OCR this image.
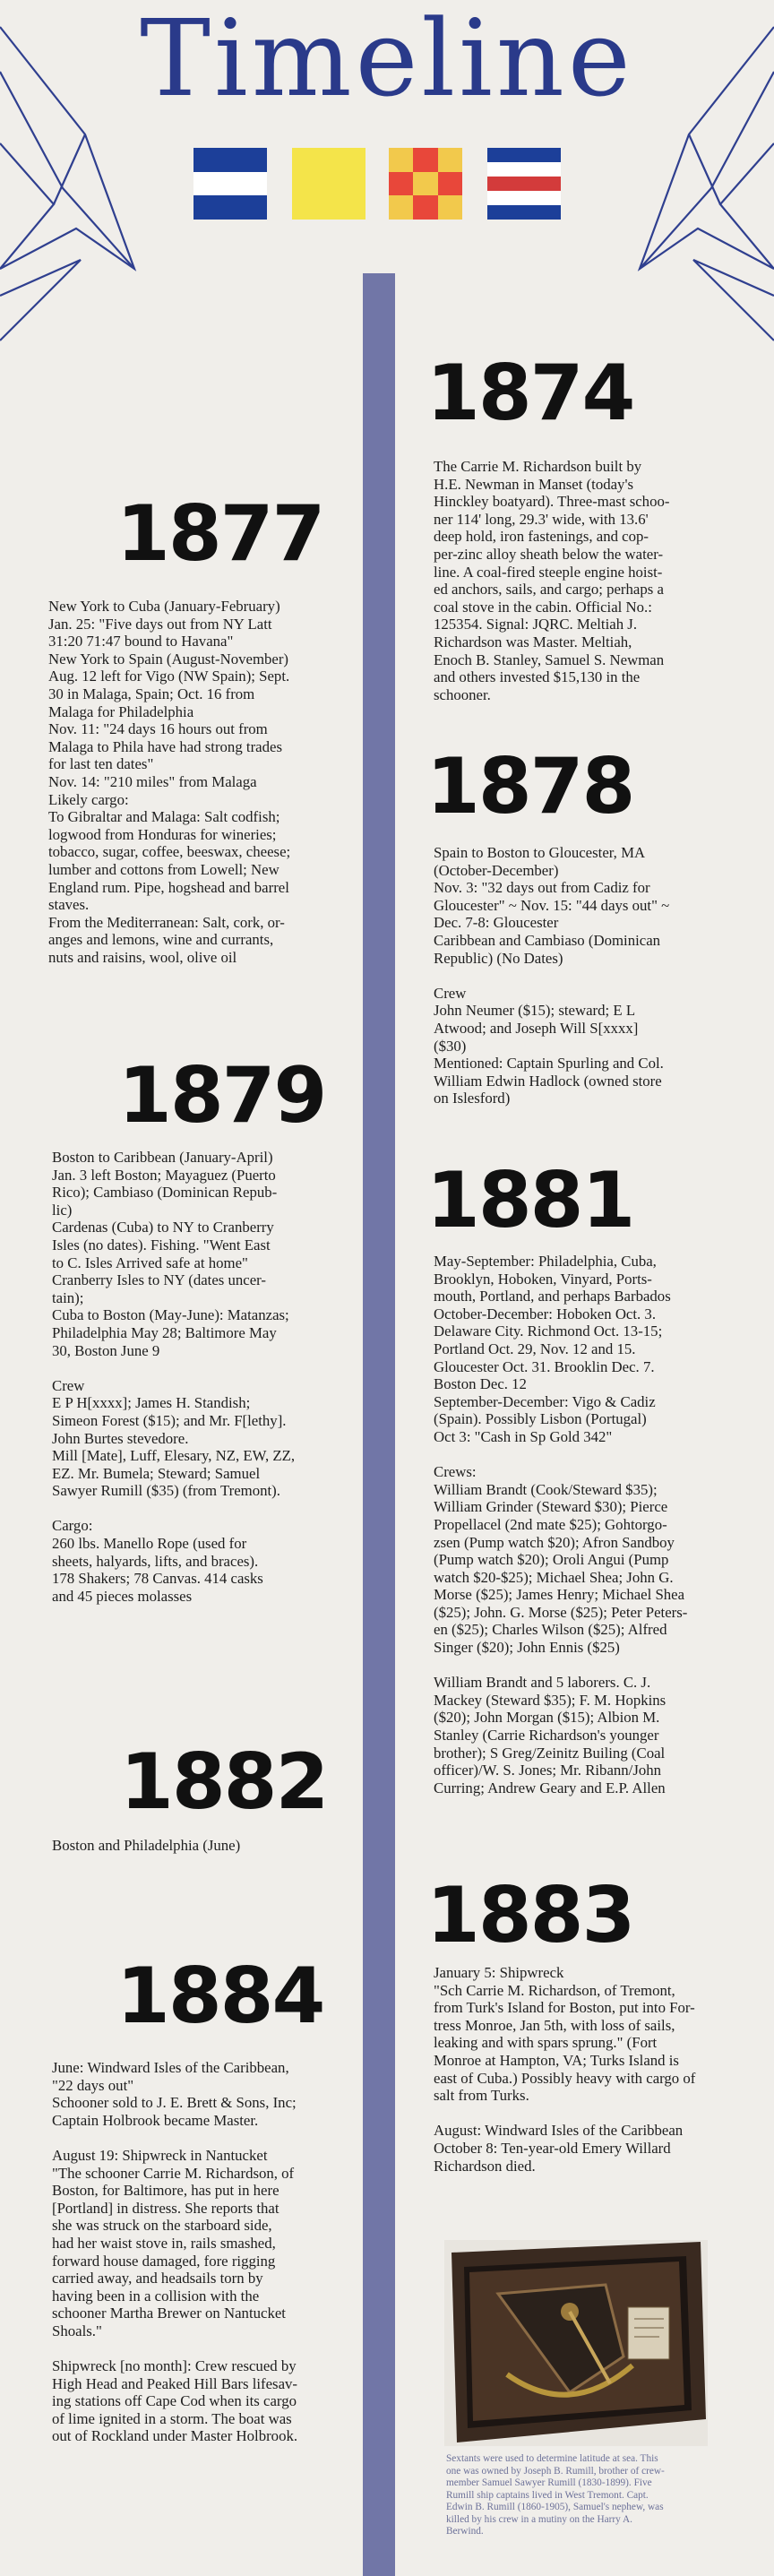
Timeline
1874

The Carrie M. Richardson built by
H.E. Newman in Manset (today's
Hinckley boatyard). Three-mast schoo-
ner 114' long, 29.3' wide, with 13.6'
deep hold, iron fastenings, and cop-
per-zinc alloy sheath below the water-
line. A coal-fired steeple engine hoist-
ed anchors, sails, and cargo; perhaps a
coal stove in the cabin. Official No.:
125354. Signal: JQRC. Meltiah J.
Richardson was Master. Meltiah,
Enoch B. Stanley, Samuel S. Newman
and others invested $15,130 in the
schooner.

1877

New York to Cuba (January-February)
Jan. 25: "Five days out from NY Latt
31:20 71:47 bound to Havana"
New York to Spain (August-November)
Aug. 12 left for Vigo (NW Spain); Sept.
30 in Malaga, Spain; Oct. 16 from
Malaga for Philadelphia
Nov. 11: "24 days 16 hours out from
Malaga to Phila have had strong trades
for last ten dates"
Nov. 14: "210 miles" from Malaga
Likely cargo:
To Gibraltar and Malaga: Salt codfish;
logwood from Honduras for wineries;
tobacco, sugar, coffee, beeswax, cheese;
lumber and cottons from Lowell; New
England rum. Pipe, hogshead and barrel
staves.
From the Mediterranean: Salt, cork, or-
anges and lemons, wine and currants,
nuts and raisins, wool, olive oil

1878

Spain to Boston to Gloucester, MA
(October-December)
Nov. 3: "32 days out from Cadiz for
Gloucester" ~ Nov. 15: "44 days out" ~
Dec. 7-8: Gloucester
Caribbean and Cambiaso (Dominican
Republic) (No Dates)

Crew
John Neumer ($15); steward; E L
Atwood; and Joseph Will S[xxxx]
($30)
Mentioned: Captain Spurling and Col.
William Edwin Hadlock (owned store
on Islesford)

1879

Boston to Caribbean (January-April)
Jan. 3 left Boston; Mayaguez (Puerto
Rico); Cambiaso (Dominican Repub-
lic)
Cardenas (Cuba) to NY to Cranberry
Isles (no dates). Fishing. "Went East
to C. Isles Arrived safe at home"
Cranberry Isles to NY (dates uncer-
tain);
Cuba to Boston (May-June): Matanzas;
Philadelphia May 28; Baltimore May
30, Boston June 9

Crew
E P H[xxxx]; James H. Standish;
Simeon Forest ($15); and Mr. F[lethy].
John Burtes stevedore.
Mill [Mate], Luff, Elesary, NZ, EW, ZZ,
EZ. Mr. Bumela; Steward; Samuel
Sawyer Rumill ($35) (from Tremont).

Cargo:
260 lbs. Manello Rope (used for
sheets, halyards, lifts, and braces).
178 Shakers; 78 Canvas. 414 casks
and 45 pieces molasses

1881

May-September: Philadelphia, Cuba,
Brooklyn, Hoboken, Vinyard, Ports-
mouth, Portland, and perhaps Barbados
October-December: Hoboken Oct. 3.
Delaware City. Richmond Oct. 13-15;
Portland Oct. 29, Nov. 12 and 15.
Gloucester Oct. 31. Brooklin Dec. 7.
Boston Dec. 12
September-December: Vigo & Cadiz
(Spain). Possibly Lisbon (Portugal)
Oct 3: "Cash in Sp Gold 342"

Crews:
William Brandt (Cook/Steward $35);
William Grinder (Steward $30); Pierce
Propellacel (2nd mate $25); Gohtorgo-
zsen (Pump watch $20); Afron Sandboy
(Pump watch $20); Oroli Angui (Pump
watch $20-$25); Michael Shea; John G.
Morse ($25); James Henry; Michael Shea
($25); John. G. Morse ($25); Peter Peters-
en ($25); Charles Wilson ($25); Alfred
Singer ($20); John Ennis ($25)

William Brandt and 5 laborers. C. J.
Mackey (Steward $35); F. M. Hopkins
($20); John Morgan ($15); Albion M.
Stanley (Carrie Richardson's younger
brother); S Greg/Zeinitz Builing (Coal
officer)/W. S. Jones; Mr. Ribann/John
Curring; Andrew Geary and E.P. Allen

1882

Boston and Philadelphia (June)

1883

January 5: Shipwreck
"Sch Carrie M. Richardson, of Tremont,
from Turk's Island for Boston, put into For-
tress Monroe, Jan 5th, with loss of sails,
leaking and with spars sprung." (Fort
Monroe at Hampton, VA; Turks Island is
east of Cuba.) Possibly heavy with cargo of
salt from Turks.

August: Windward Isles of the Caribbean
October 8: Ten-year-old Emery Willard
Richardson died.

1884

June: Windward Isles of the Caribbean,
"22 days out"
Schooner sold to J. E. Brett & Sons, Inc;
Captain Holbrook became Master.

August 19: Shipwreck in Nantucket
"The schooner Carrie M. Richardson, of
Boston, for Baltimore, has put in here
[Portland] in distress. She reports that
she was struck on the starboard side,
had her waist stove in, rails smashed,
forward house damaged, fore rigging
carried away, and headsails torn by
having been in a collision with the
schooner Martha Brewer on Nantucket
Shoals."

Shipwreck [no month]: Crew rescued by
High Head and Peaked Hill Bars lifesav-
ing stations off Cape Cod when its cargo
of lime ignited in a storm. The boat was
out of Rockland under Master Holbrook.

Sextants were used to determine latitude at sea. This
one was owned by Joseph B. Rumill, brother of crew-
member Samuel Sawyer Rumill (1830-1899). Five
Rumill ship captains lived in West Tremont. Capt.
Edwin B. Rumill (1860-1905), Samuel's nephew, was
killed by his crew in a mutiny on the Harry A.
Berwind.
